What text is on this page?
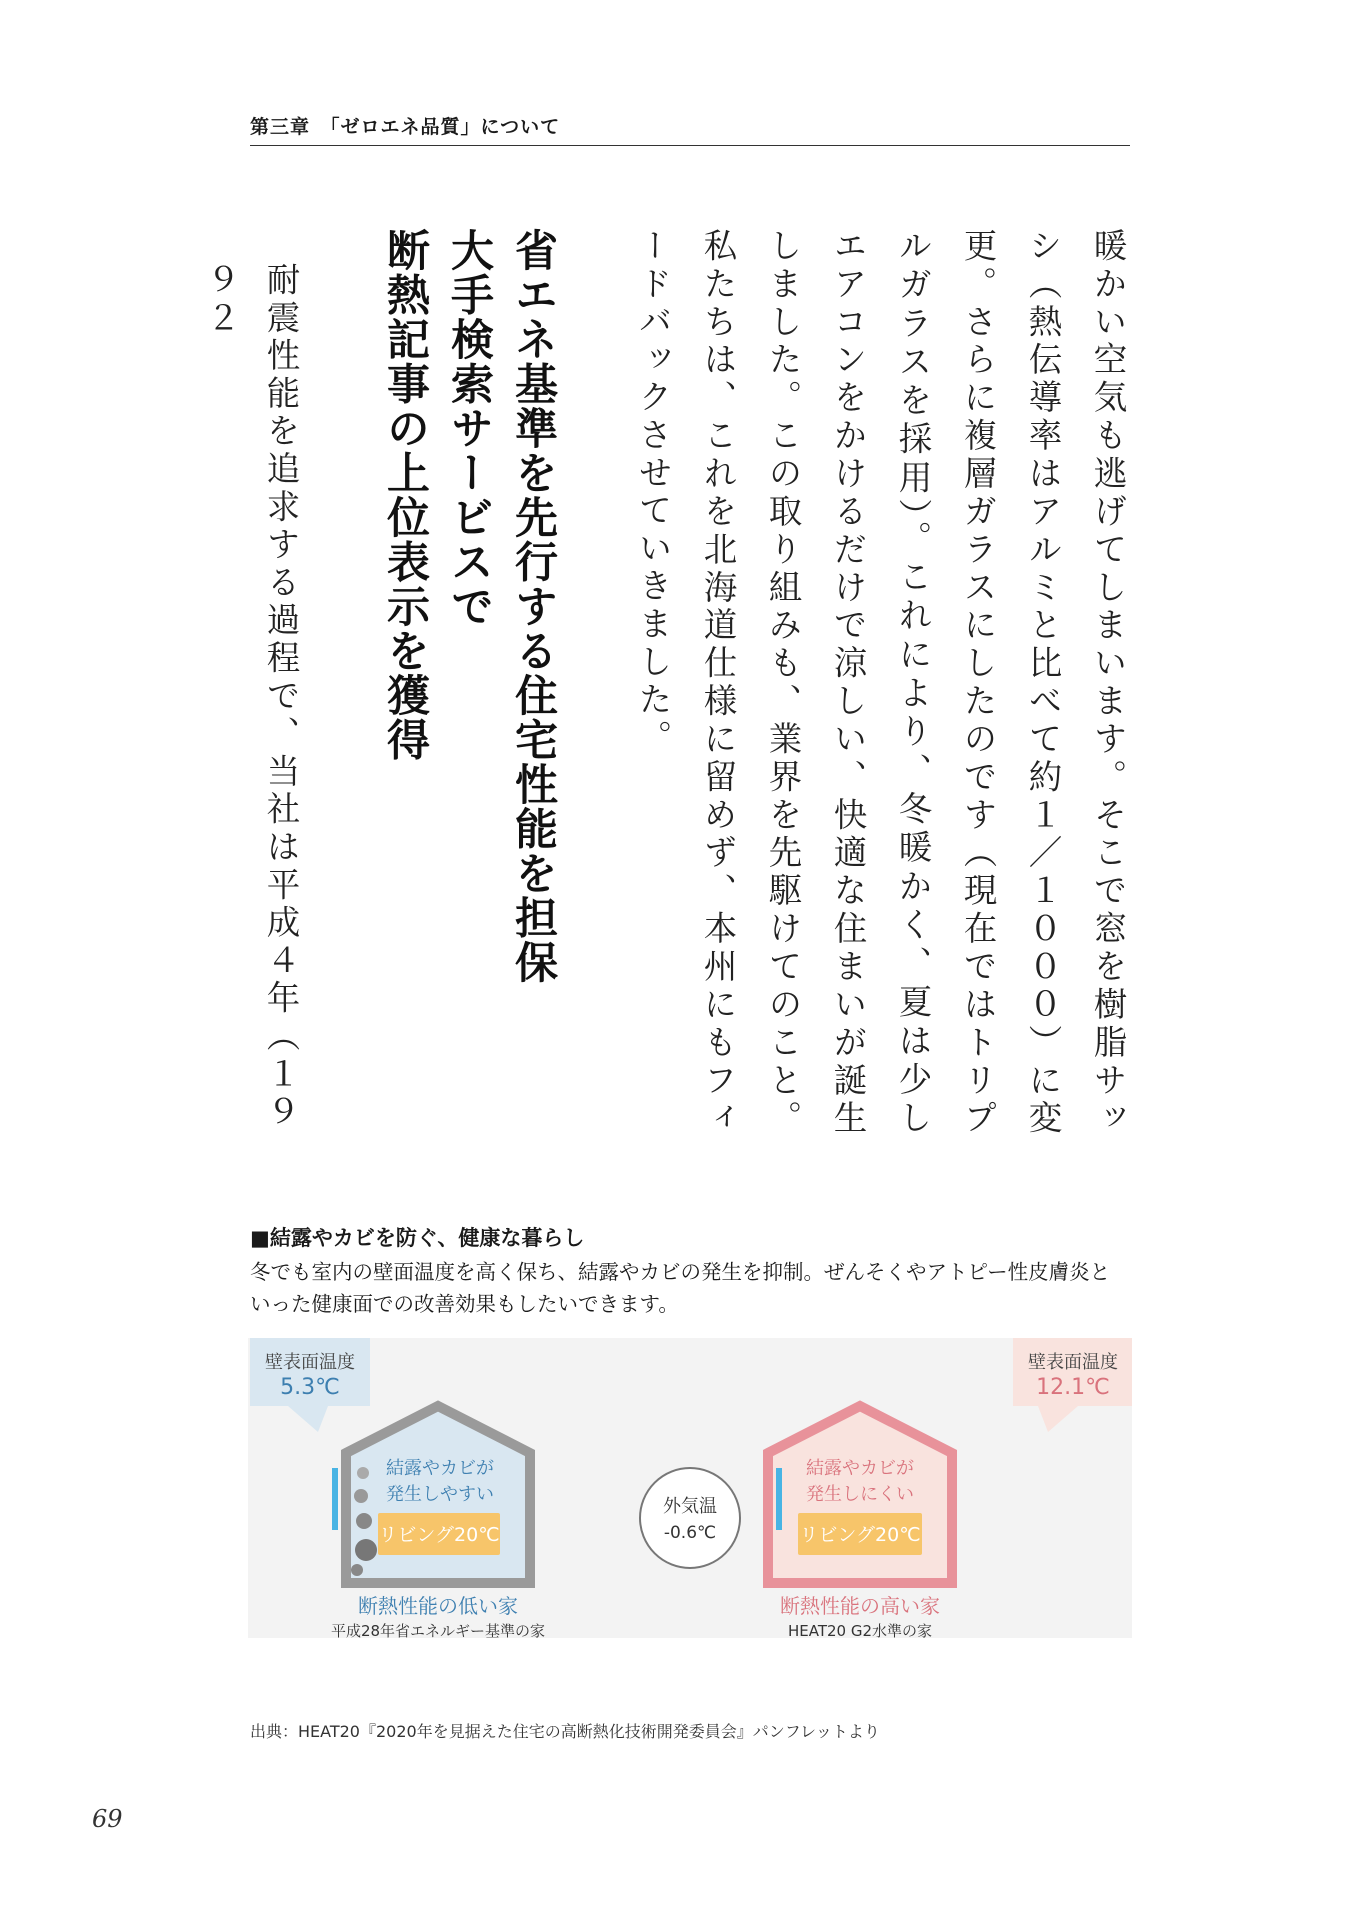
第三章　「ゼロエネ品質」について
暖かい空気も逃げてしまいます。そこで窓を樹脂サッシ（熱伝導率はアルミと比べて約１／１０００）に変更。さらに複層ガラスにしたのです（現在ではトリプルガラスを採用）。これにより、冬暖かく、夏は少しエアコンをかけるだけで涼しい、快適な住まいが誕生しました。この取り組みも、業界を先駆けてのこと。私たちは、これを北海道仕様に留めず、本州にもフィードバックさせていきました。
省エネ基準を先行する住宅性能を担保
大手検索サービスで
断熱記事の上位表示を獲得
耐震性能を追求する過程で、当社は平成４年（１９９２
■結露やカビを防ぐ、健康な暮らし
冬でも室内の壁面温度を高く保ち、結露やカビの発生を抑制。ぜんそくやアトピー性皮膚炎といった健康面での改善効果もしたいできます。
壁表面温度
5.3℃
壁表面温度
12.1℃
結露やカビが
発生しやすい
リビング20℃
外気温
-0.6℃
結露やカビが
発生しにくい
リビング20℃
断熱性能の低い家
平成28年省エネルギー基準の家
断熱性能の高い家
HEAT20 G2水準の家
出典：HEAT20『2020年を見据えた住宅の高断熱化技術開発委員会』パンフレットより
69
